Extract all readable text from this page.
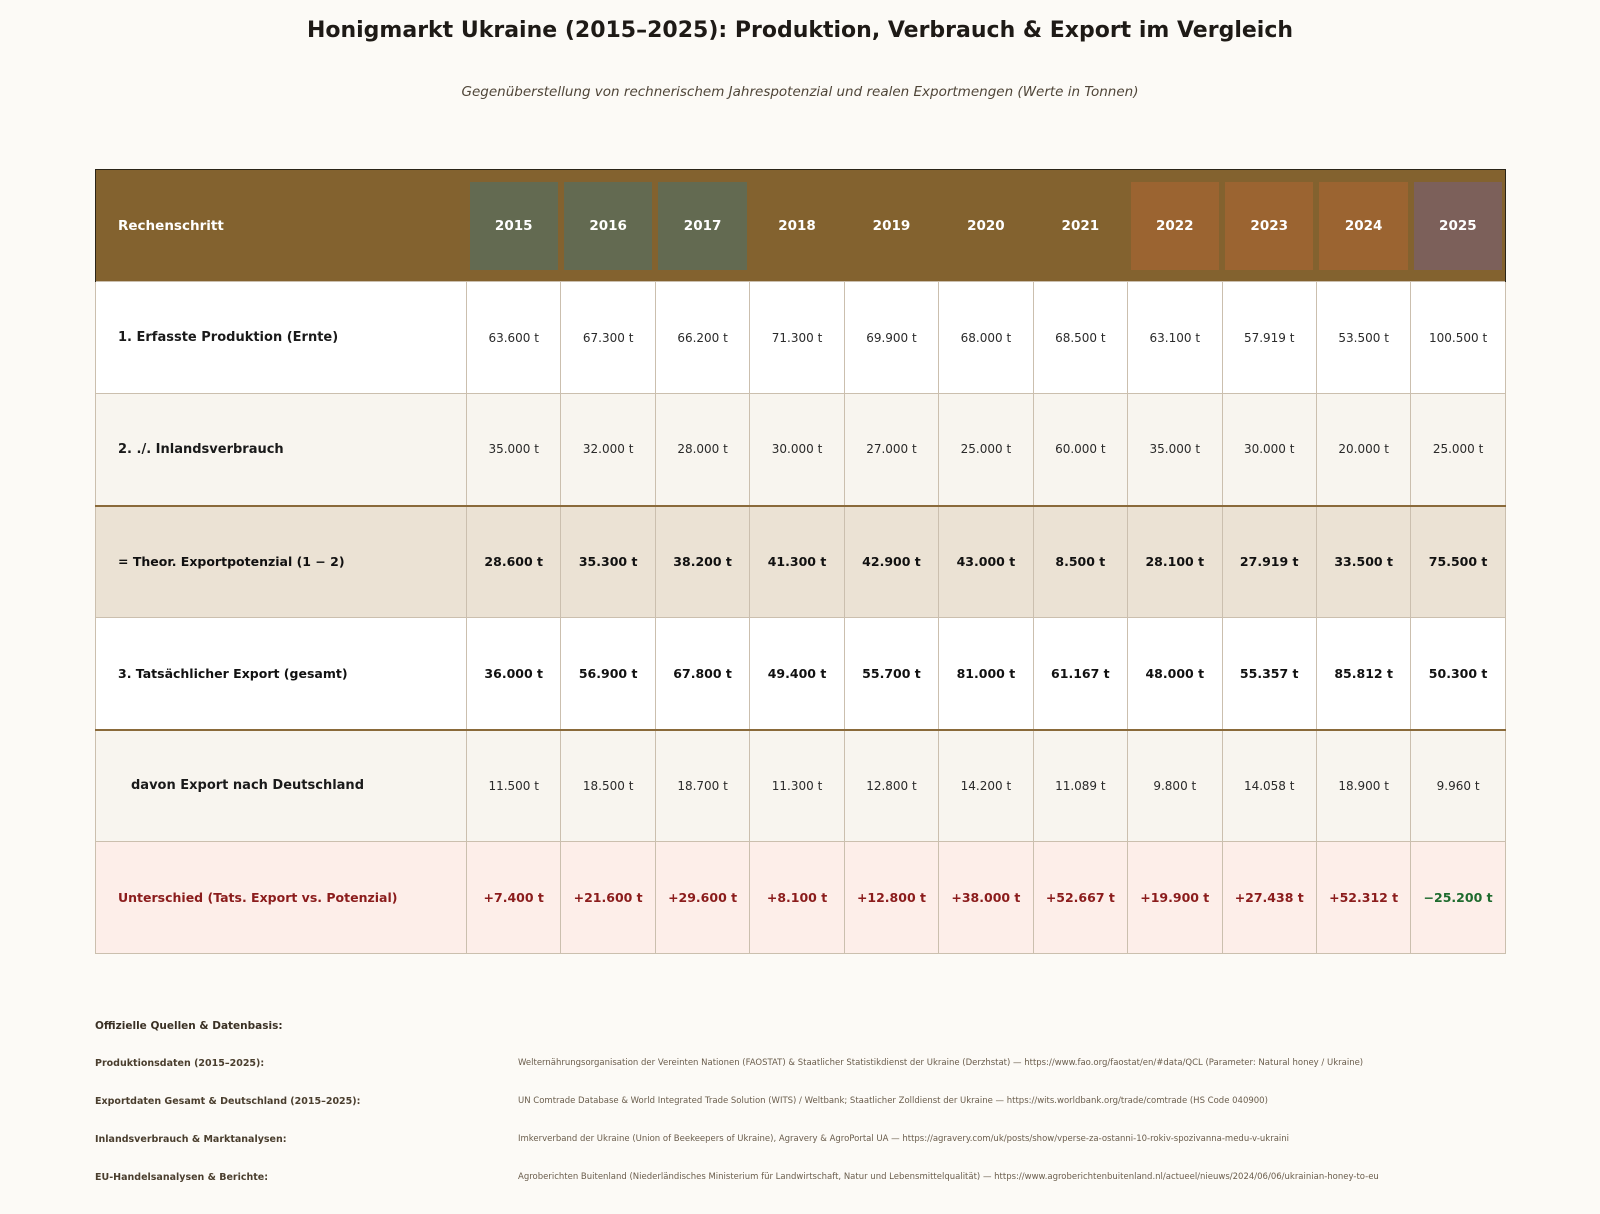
Honigmarkt Ukraine (2015–2025): Produktion, Verbrauch & Export im Vergleich
Gegenüberstellung von rechnerischem Jahrespotenzial und realen Exportmengen (Werte in Tonnen)
Rechenschritt	2015	2016	2017	2018	2019	2020	2021	2022	2023	2024	2025

1. Erfasste Produktion (Ernte)	63.600 t	67.300 t	66.200 t	71.300 t	69.900 t	68.000 t	68.500 t	63.100 t	57.919 t	53.500 t	100.500 t
2. ./. Inlandsverbrauch	35.000 t	32.000 t	28.000 t	30.000 t	27.000 t	25.000 t	60.000 t	35.000 t	30.000 t	20.000 t	25.000 t
= Theor. Exportpotenzial (1 − 2)	28.600 t	35.300 t	38.200 t	41.300 t	42.900 t	43.000 t	8.500 t	28.100 t	27.919 t	33.500 t	75.500 t
3. Tatsächlicher Export (gesamt)	36.000 t	56.900 t	67.800 t	49.400 t	55.700 t	81.000 t	61.167 t	48.000 t	55.357 t	85.812 t	50.300 t
davon Export nach Deutschland	11.500 t	18.500 t	18.700 t	11.300 t	12.800 t	14.200 t	11.089 t	9.800 t	14.058 t	18.900 t	9.960 t
Unterschied (Tats. Export vs. Potenzial)	+7.400 t	+21.600 t	+29.600 t	+8.100 t	+12.800 t	+38.000 t	+52.667 t	+19.900 t	+27.438 t	+52.312 t	−25.200 t
Offizielle Quellen & Datenbasis:
Produktionsdaten (2015–2025):	Welternährungsorganisation der Vereinten Nationen (FAOSTAT) & Staatlicher Statistikdienst der Ukraine (Derzhstat) — https://www.fao.org/faostat/en/#data/QCL (Parameter: Natural honey / Ukraine)
Exportdaten Gesamt & Deutschland (2015–2025):	UN Comtrade Database & World Integrated Trade Solution (WITS) / Weltbank; Staatlicher Zolldienst der Ukraine — https://wits.worldbank.org/trade/comtrade (HS Code 040900)
Inlandsverbrauch & Marktanalysen:	Imkerverband der Ukraine (Union of Beekeepers of Ukraine), Agravery & AgroPortal UA — https://agravery.com/uk/posts/show/vperse-za-ostanni-10-rokiv-spozivanna-medu-v-ukraini
EU-Handelsanalysen & Berichte:	Agroberichten Buitenland (Niederländisches Ministerium für Landwirtschaft, Natur und Lebensmittelqualität) — https://www.agroberichtenbuitenland.nl/actueel/nieuws/2024/06/06/ukrainian-honey-to-eu
